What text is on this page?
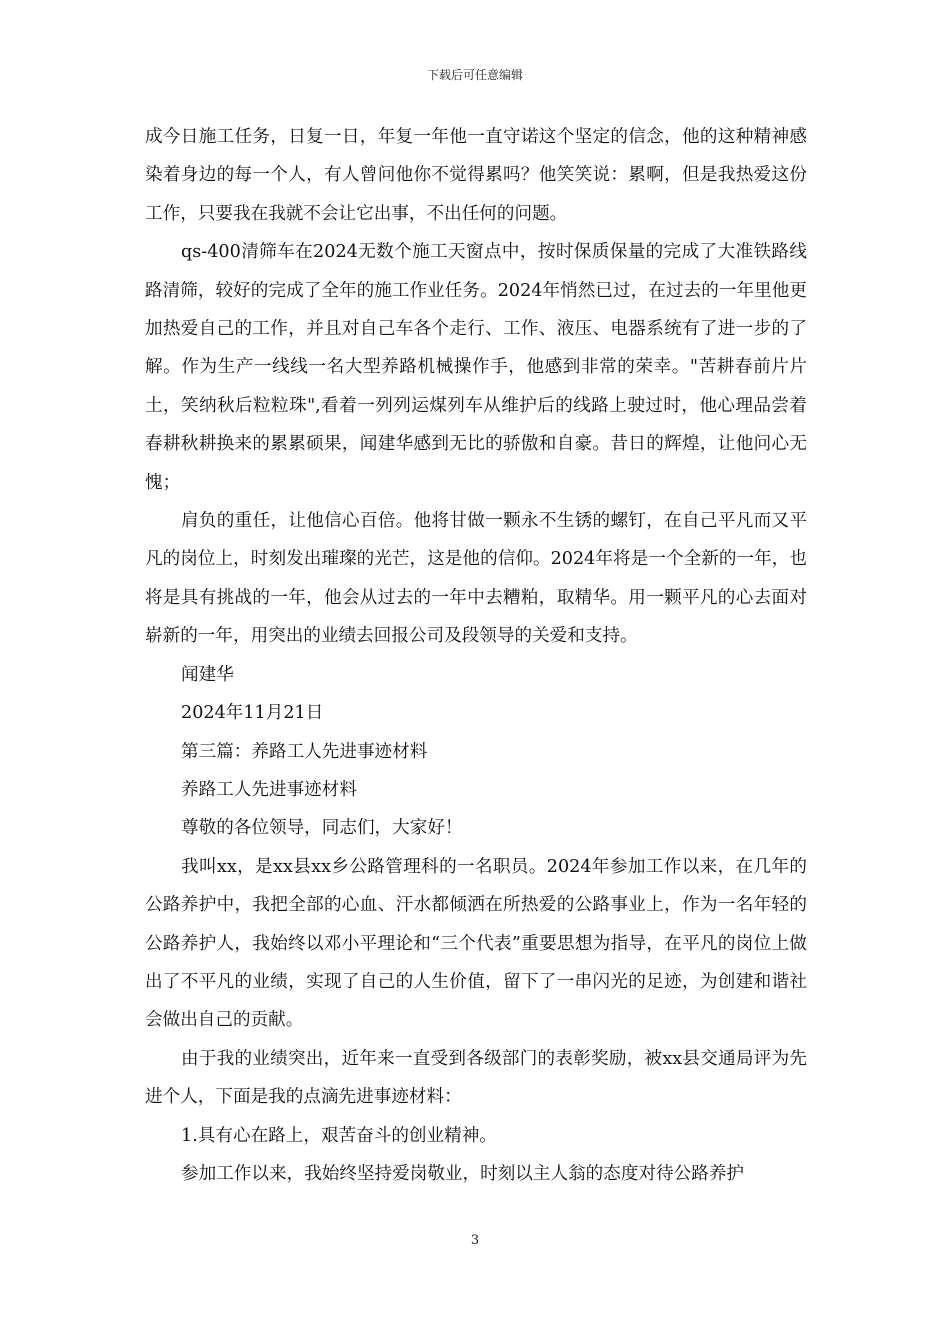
下载后可任意编辑

成今日施工任务，日复一日，年复一年他一直守诺这个坚定的信念，他的这种精神感染着身边的每一个人，有人曾问他你不觉得累吗？他笑笑说：累啊，但是我热爱这份工作，只要我在我就不会让它出事，不出任何的问题。

qs-400清筛车在2024无数个施工天窗点中，按时保质保量的完成了大准铁路线路清筛，较好的完成了全年的施工作业任务。2024年悄然已过，在过去的一年里他更加热爱自己的工作，并且对自己车各个走行、工作、液压、电器系统有了进一步的了解。作为生产一线线一名大型养路机械操作手，他感到非常的荣幸。"苦耕春前片片土，笑纳秋后粒粒珠",看着一列列运煤列车从维护后的线路上驶过时，他心理品尝着春耕秋耕换来的累累硕果，闻建华感到无比的骄傲和自豪。昔日的辉煌，让他问心无愧；

肩负的重任，让他信心百倍。他将甘做一颗永不生锈的螺钉，在自己平凡而又平凡的岗位上，时刻发出璀璨的光芒，这是他的信仰。2024年将是一个全新的一年，也将是具有挑战的一年，他会从过去的一年中去糟粕，取精华。用一颗平凡的心去面对崭新的一年，用突出的业绩去回报公司及段领导的关爱和支持。

闻建华

2024年11月21日

第三篇：养路工人先进事迹材料

养路工人先进事迹材料

尊敬的各位领导，同志们，大家好！

我叫xx，是xx县xx乡公路管理科的一名职员。2024年参加工作以来，在几年的公路养护中，我把全部的心血、汗水都倾洒在所热爱的公路事业上，作为一名年轻的公路养护人，我始终以邓小平理论和“三个代表”重要思想为指导，在平凡的岗位上做出了不平凡的业绩，实现了自己的人生价值，留下了一串闪光的足迹，为创建和谐社会做出自己的贡献。

由于我的业绩突出，近年来一直受到各级部门的表彰奖励，被xx县交通局评为先进个人，下面是我的点滴先进事迹材料：

1.具有心在路上，艰苦奋斗的创业精神。

参加工作以来，我始终坚持爱岗敬业，时刻以主人翁的态度对待公路养护

3
